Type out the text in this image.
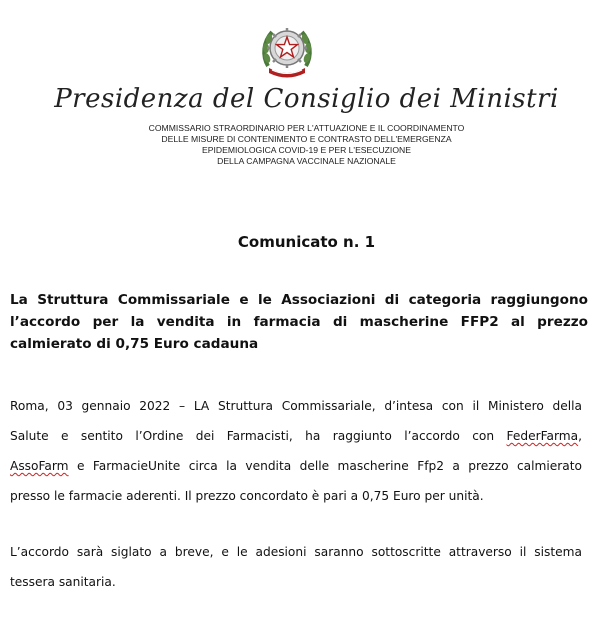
Presidenza del Consiglio dei Ministri
COMMISSARIO STRAORDINARIO PER L'ATTUAZIONE E IL COORDINAMENTO
DELLE MISURE DI CONTENIMENTO E CONTRASTO DELL'EMERGENZA
EPIDEMIOLOGICA COVID-19 E PER L'ESECUZIONE
DELLA CAMPAGNA VACCINALE NAZIONALE
Comunicato n. 1
La Struttura Commissariale e le Associazioni di categoria raggiungono
l’accordo per la vendita in farmacia di mascherine FFP2 al prezzo
calmierato di 0,75 Euro cadauna
Roma, 03 gennaio 2022 – LA Struttura Commissariale, d’intesa con il Ministero della
Salute e sentito l’Ordine dei Farmacisti, ha raggiunto l’accordo con FederFarma,
AssoFarm e FarmacieUnite circa la vendita delle mascherine Ffp2 a prezzo calmierato
presso le farmacie aderenti. Il prezzo concordato è pari a 0,75 Euro per unità.
L’accordo sarà siglato a breve, e le adesioni saranno sottoscritte attraverso il sistema
tessera sanitaria.
